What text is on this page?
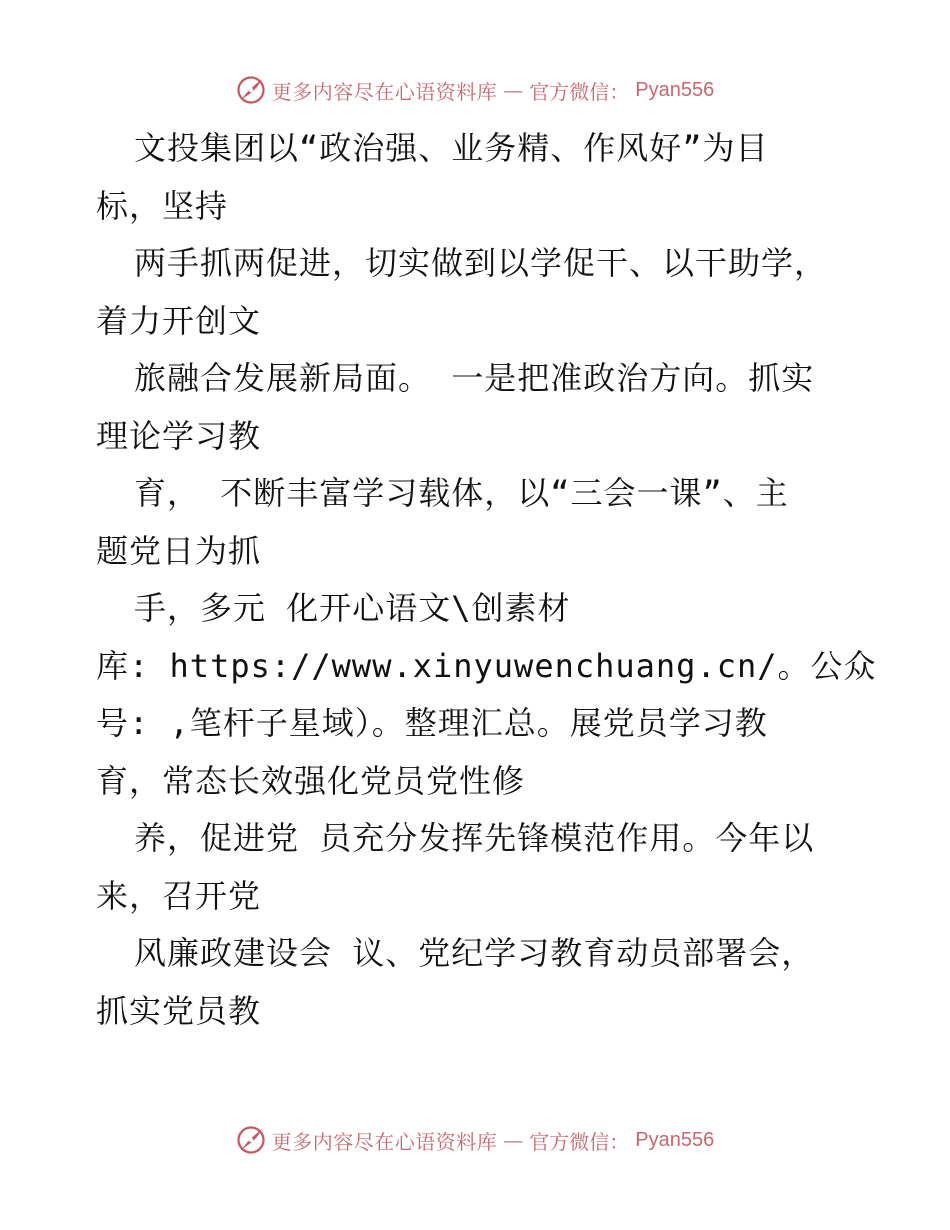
更多内容尽在心语资料库 — 官方微信： Pyan556
文投集团以“政治强、业务精、作风好”为目
标，坚持
两手抓两促进，切实做到以学促干、以干助学，
着力开创文
旅融合发展新局面。 一是把准政治方向。抓实
理论学习教
育， 不断丰富学习载体，以“三会一课”、主
题党日为抓
手，多元 化开心语文\创素材
库: https://www.xinyuwenchuang.cn/。公众
号: ,笔杆子星域）。整理汇总。展党员学习教
育，常态长效强化党员党性修
养，促进党 员充分发挥先锋模范作用。今年以
来，召开党
风廉政建设会 议、党纪学习教育动员部署会，
抓实党员教
更多内容尽在心语资料库 — 官方微信： Pyan556
